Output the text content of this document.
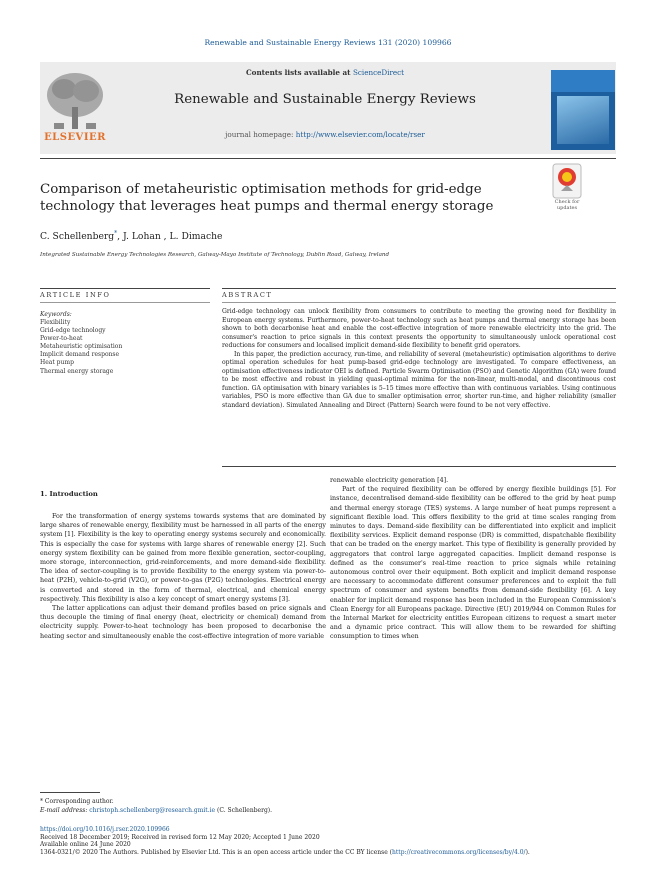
Renewable and Sustainable Energy Reviews 131 (2020) 109966
ELSEVIER
Contents lists available at ScienceDirect
Renewable and Sustainable Energy Reviews
journal homepage: http://www.elsevier.com/locate/rser
Comparison of metaheuristic optimisation methods for grid-edge technology that leverages heat pumps and thermal energy storage	Check for updates
C. Schellenberg*, J. Lohan , L. Dimache
Integrated Sustainable Energy Technologies Research, Galway-Mayo Institute of Technology, Dublin Road, Galway, Ireland
ARTICLE INFO	ABSTRACT
Keywords:
Flexibility
Grid-edge technology
Power-to-heat
Metaheuristic optimisation
Implicit demand response
Heat pump
Thermal energy storage

Grid-edge technology can unlock flexibility from consumers to contribute to meeting the growing need for flexibility in European energy systems. Furthermore, power-to-heat technology such as heat pumps and thermal energy storage has been shown to both decarbonise heat and enable the cost-effective integration of more renewable electricity into the grid. The consumer's reaction to price signals in this context presents the opportunity to simultaneously unlock operational cost reductions for consumers and localised implicit demand-side flexibility to benefit grid operators.

In this paper, the prediction accuracy, run-time, and reliability of several (metaheuristic) optimisation algorithms to derive optimal operation schedules for heat pump-based grid-edge technology are investigated. To compare effectiveness, an optimisation effectiveness indicator OEI is defined. Particle Swarm Optimisation (PSO) and Genetic Algorithm (GA) were found to be most effective and robust in yielding quasi-optimal minima for the non-linear, multi-modal, and discontinuous cost function. GA optimisation with binary variables is 5–15 times more effective than with continuous variables. Using continuous variables, PSO is more effective than GA due to smaller optimisation error, shorter run-time, and higher reliability (smaller standard deviation). Simulated Annealing and Direct (Pattern) Search were found to be not very effective.

1. Introduction

For the transformation of energy systems towards systems that are dominated by large shares of renewable energy, flexibility must be harnessed in all parts of the energy system [1]. Flexibility is the key to operating energy systems securely and economically. This is especially the case for systems with large shares of renewable energy [2]. Such energy system flexibility can be gained from more flexible generation, sector-coupling, more storage, interconnection, grid-reinforcements, and more demand-side flexibility. The idea of sector-coupling is to provide flexibility to the energy system via power-to-heat (P2H), vehicle-to-grid (V2G), or power-to-gas (P2G) technologies. Electrical energy is converted and stored in the form of thermal, electrical, and chemical energy respectively. This flexibility is also a key concept of smart energy systems [3].

The latter applications can adjust their demand profiles based on price signals and thus decouple the timing of final energy (heat, electricity or chemical) demand from electricity supply. Power-to-heat technology has been proposed to decarbonise the heating sector and simultaneously enable the cost-effective integration of more variable

renewable electricity generation [4].

Part of the required flexibility can be offered by energy flexible buildings [5]. For instance, decentralised demand-side flexibility can be offered to the grid by heat pump and thermal energy storage (TES) systems. A large number of heat pumps represent a significant flexible load. This offers flexibility to the grid at time scales ranging from minutes to days. Demand-side flexibility can be differentiated into explicit and implicit flexibility services. Explicit demand response (DR) is committed, dispatchable flexibility that can be traded on the energy market. This type of flexibility is generally provided by aggregators that control large aggregated capacities. Implicit demand response is defined as the consumer's real-time reaction to price signals while retaining autonomous control over their equipment. Both explicit and implicit demand response are necessary to accommodate different consumer preferences and to exploit the full spectrum of consumer and system benefits from demand-side flexibility [6]. A key enabler for implicit demand response has been included in the European Commission's Clean Energy for all Europeans package. Directive (EU) 2019/944 on Common Rules for the Internal Market for electricity entitles European citizens to request a smart meter and a dynamic price contract. This will allow them to be rewarded for shifting consumption to times when

* Corresponding author.
E-mail address: christoph.schellenberg@research.gmit.ie (C. Schellenberg).
https://doi.org/10.1016/j.rser.2020.109966
Received 18 December 2019; Received in revised form 12 May 2020; Accepted 1 June 2020
Available online 24 June 2020
1364-0321/© 2020 The Authors. Published by Elsevier Ltd. This is an open access article under the CC BY license (http://creativecommons.org/licenses/by/4.0/).
